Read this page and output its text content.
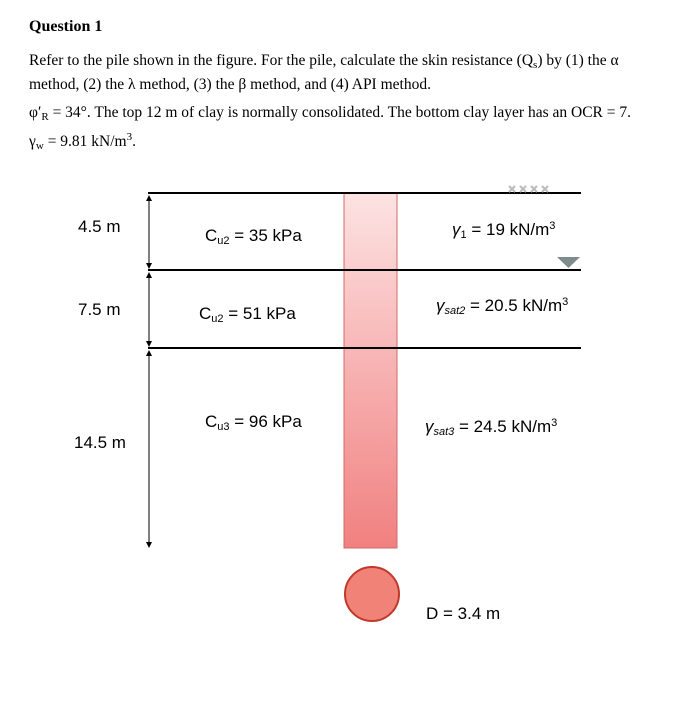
Question 1
Refer to the pile shown in the figure. For the pile, calculate the skin resistance $(Q_s)$ by (1) the α method, (2) the λ method, (3) the β method, and (4) API method.
$\varphi'_R = 34^\circ$. The top 12 m of clay is normally consolidated. The bottom clay layer has an OCR = 7.
$\gamma_w = 9.81$ $kN/m^3$.
4.5 m
7.5 m
14.5 m
$C_{u2} = 35$ kPa
$C_{u2} = 51$ kPa
$C_{u3} = 96$ kPa
$\gamma_1 = 19$ $kN/m^3$
$\gamma_{sat2} = 20.5$ $kN/m^3$
$\gamma_{sat3} = 24.5$ $kN/m^3$
D = 3.4 m
